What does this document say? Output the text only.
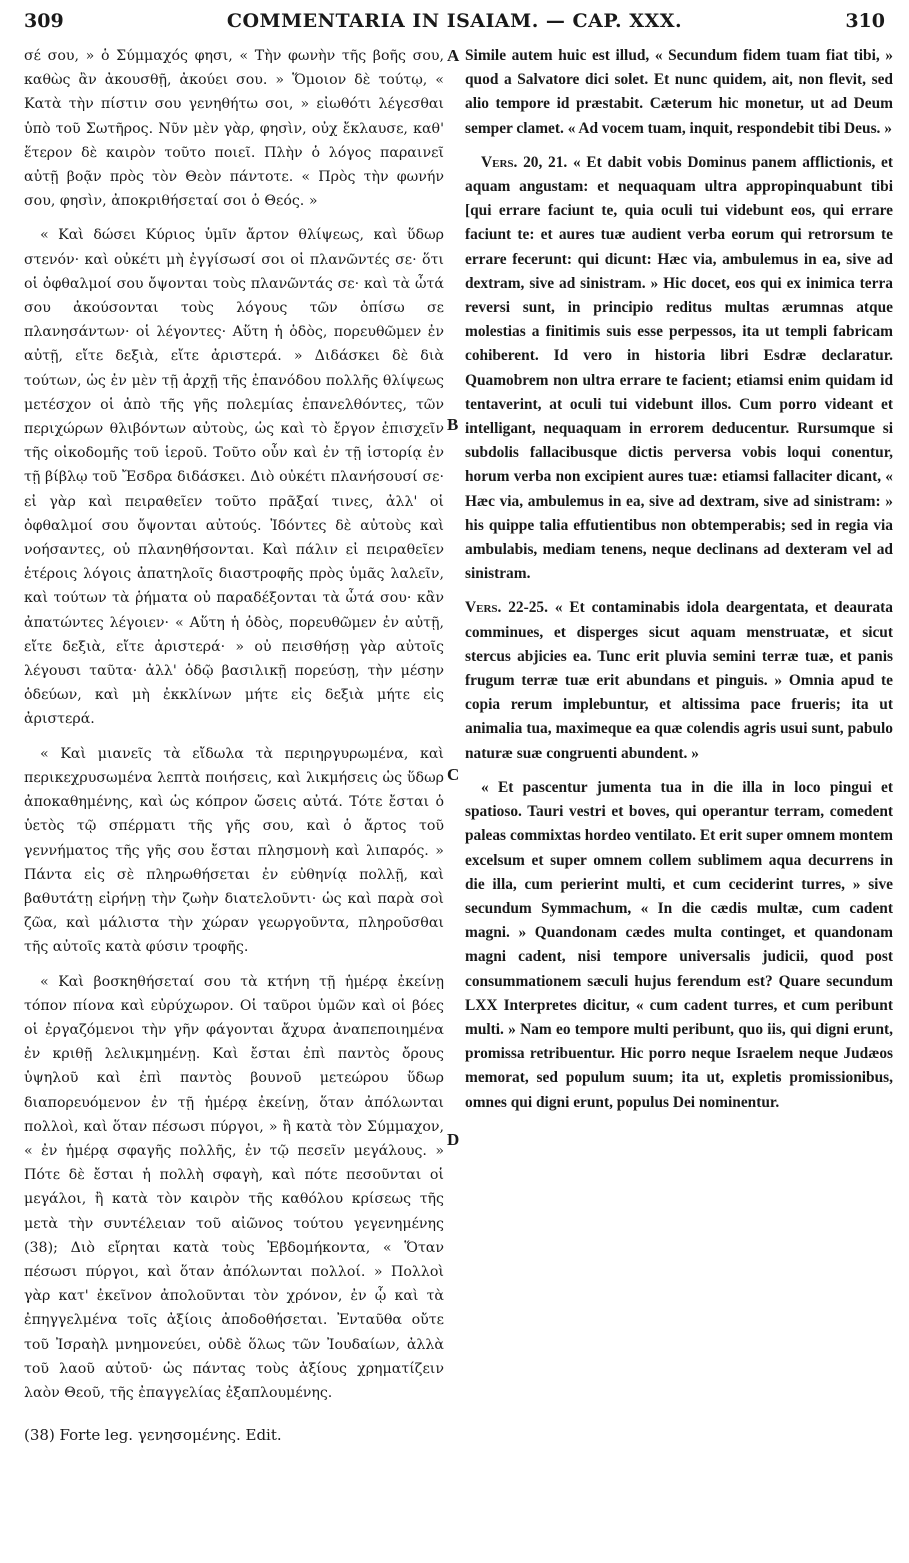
309	COMMENTARIA IN ISAIAM. — CAP. XXX.	310

σέ σου, » ὁ Σύμμαχός φησι, « Τὴν φωνὴν τῆς βοῆς σου, καθὼς ἂν ἀκουσθῇ, ἀκούει σου. » Ὅμοιον δὲ τούτῳ, « Κατὰ τὴν πίστιν σου γενηθήτω σοι, » εἰωθότι λέγεσθαι ὑπὸ τοῦ Σωτῆρος. Νῦν μὲν γὰρ, φησὶν, οὐχ ἔκλαυσε, καθ' ἕτερον δὲ καιρὸν τοῦτο ποιεῖ. Πλὴν ὁ λόγος παραινεῖ αὐτῇ βοᾷν πρὸς τὸν Θεὸν πάντοτε. « Πρὸς τὴν φωνήν σου, φησὶν, ἀποκριθήσεταί σοι ὁ Θεός. »

« Καὶ δώσει Κύριος ὑμῖν ἄρτον θλίψεως, καὶ ὕδωρ στενόν· καὶ οὐκέτι μὴ ἐγγίσωσί σοι οἱ πλανῶντές σε· ὅτι οἱ ὀφθαλμοί σου ὄψονται τοὺς πλανῶντάς σε· καὶ τὰ ὦτά σου ἀκούσονται τοὺς λόγους τῶν ὀπίσω σε πλανησάντων· οἱ λέγοντες· Αὕτη ἡ ὁδὸς, πορευθῶμεν ἐν αὐτῇ, εἴτε δεξιὰ, εἴτε ἀριστερά. » Διδάσκει δὲ διὰ τούτων, ὡς ἐν μὲν τῇ ἀρχῇ τῆς ἐπανόδου πολλῆς θλίψεως μετέσχον οἱ ἀπὸ τῆς γῆς πολεμίας ἐπανελθόντες, τῶν περιχώρων θλιβόντων αὐτοὺς, ὡς καὶ τὸ ἔργον ἐπισχεῖν τῆς οἰκοδομῆς τοῦ ἱεροῦ. Τοῦτο οὖν καὶ ἐν τῇ ἱστορίᾳ ἐν τῇ βίβλῳ τοῦ Ἔσδρα διδάσκει. Διὸ οὐκέτι πλανήσουσί σε· εἰ γὰρ καὶ πειραθεῖεν τοῦτο πρᾶξαί τινες, ἀλλ' οἱ ὀφθαλμοί σου ὄψονται αὐτούς. Ἰδόντες δὲ αὐτοὺς καὶ νοήσαντες, οὐ πλανηθήσονται. Καὶ πάλιν εἰ πειραθεῖεν ἑτέροις λόγοις ἀπατηλοῖς διαστροφῆς πρὸς ὑμᾶς λαλεῖν, καὶ τούτων τὰ ῥήματα οὐ παραδέξονται τὰ ὦτά σου· κἂν ἀπατώντες λέγοιεν· « Αὕτη ἡ ὁδὸς, πορευθῶμεν ἐν αὐτῇ, εἴτε δεξιὰ, εἴτε ἀριστερά· » οὐ πεισθήσῃ γὰρ αὐτοῖς λέγουσι ταῦτα· ἀλλ' ὁδῷ βασιλικῇ πορεύσῃ, τὴν μέσην ὁδεύων, καὶ μὴ ἐκκλίνων μήτε εἰς δεξιὰ μήτε εἰς ἀριστερά.

« Καὶ μιανεῖς τὰ εἴδωλα τὰ περιηργυρωμένα, καὶ περικεχρυσωμένα λεπτὰ ποιήσεις, καὶ λικμήσεις ὡς ὕδωρ ἀποκαθημένης, καὶ ὡς κόπρον ὤσεις αὐτά. Τότε ἔσται ὁ ὑετὸς τῷ σπέρματι τῆς γῆς σου, καὶ ὁ ἄρτος τοῦ γεννήματος τῆς γῆς σου ἔσται πλησμονὴ καὶ λιπαρός. » Πάντα εἰς σὲ πληρωθήσεται ἐν εὐθηνίᾳ πολλῇ, καὶ βαθυτάτῃ εἰρήνῃ τὴν ζωὴν διατελοῦντι· ὡς καὶ παρὰ σοὶ ζῶα, καὶ μάλιστα τὴν χώραν γεωργοῦντα, πληροῦσθαι τῆς αὐτοῖς κατὰ φύσιν τροφῆς.

« Καὶ βοσκηθήσεταί σου τὰ κτήνη τῇ ἡμέρᾳ ἐκείνῃ τόπον πίονα καὶ εὐρύχωρον. Οἱ ταῦροι ὑμῶν καὶ οἱ βόες οἱ ἐργαζόμενοι τὴν γῆν φάγονται ἄχυρα ἀναπεποιημένα ἐν κριθῇ λελικμημένῃ. Καὶ ἔσται ἐπὶ παντὸς ὄρους ὑψηλοῦ καὶ ἐπὶ παντὸς βουνοῦ μετεώρου ὕδωρ διαπορευόμενον ἐν τῇ ἡμέρᾳ ἐκείνῃ, ὅταν ἀπόλωνται πολλοὶ, καὶ ὅταν πέσωσι πύργοι, » ἢ κατὰ τὸν Σύμμαχον, « ἐν ἡμέρᾳ σφαγῆς πολλῆς, ἐν τῷ πεσεῖν μεγάλους. » Πότε δὲ ἔσται ἡ πολλὴ σφαγὴ, καὶ πότε πεσοῦνται οἱ μεγάλοι, ἢ κατὰ τὸν καιρὸν τῆς καθόλου κρίσεως τῆς μετὰ τὴν συντέλειαν τοῦ αἰῶνος τούτου γεγενημένης (38); Διὸ εἴρηται κατὰ τοὺς Ἑβδομήκοντα, « Ὅταν πέσωσι πύργοι, καὶ ὅταν ἀπόλωνται πολλοί. » Πολλοὶ γὰρ κατ' ἐκεῖνον ἀπολοῦνται τὸν χρόνον, ἐν ᾧ καὶ τὰ ἐπηγγελμένα τοῖς ἀξίοις ἀποδοθήσεται. Ἐνταῦθα οὔτε τοῦ Ἰσραὴλ μνημονεύει, οὐδὲ ὅλως τῶν Ἰουδαίων, ἀλλὰ τοῦ λαοῦ αὐτοῦ· ὡς πάντας τοὺς ἀξίους χρηματίζειν λαὸν Θεοῦ, τῆς ἐπαγγελίας ἐξαπλουμένης.

(38) Forte leg. γενησομένης. Edit.
A
B
C
D

Simile autem huic est illud, « Secundum fidem tuam fiat tibi, » quod a Salvatore dici solet. Et nunc quidem, ait, non flevit, sed alio tempore id præstabit. Cæterum hic monetur, ut ad Deum semper clamet. « Ad vocem tuam, inquit, respondebit tibi Deus. »

Vers. 20, 21. « Et dabit vobis Dominus panem afflictionis, et aquam angustam: et nequaquam ultra appropinquabunt tibi [qui errare faciunt te, quia oculi tui videbunt eos, qui errare faciunt te: et aures tuæ audient verba eorum qui retrorsum te errare fecerunt: qui dicunt: Hæc via, ambulemus in ea, sive ad dextram, sive ad sinistram. » Hic docet, eos qui ex inimica terra reversi sunt, in principio reditus multas ærumnas atque molestias a finitimis suis esse perpessos, ita ut templi fabricam cohiberent. Id vero in historia libri Esdræ declaratur. Quamobrem non ultra errare te facient; etiamsi enim quidam id tentaverint, at oculi tui videbunt illos. Cum porro videant et intelligant, nequaquam in errorem deducentur. Rursumque si subdolis fallacibusque dictis perversa vobis loqui conentur, horum verba non excipient aures tuæ: etiamsi fallaciter dicant, « Hæc via, ambulemus in ea, sive ad dextram, sive ad sinistram: » his quippe talia effutientibus non obtemperabis; sed in regia via ambulabis, mediam tenens, neque declinans ad dexteram vel ad sinistram.

Vers. 22-25. « Et contaminabis idola deargentata, et deaurata comminues, et disperges sicut aquam menstruatæ, et sicut stercus abjicies ea. Tunc erit pluvia semini terræ tuæ, et panis frugum terræ tuæ erit abundans et pinguis. » Omnia apud te copia rerum implebuntur, et altissima pace frueris; ita ut animalia tua, maximeque ea quæ colendis agris usui sunt, pabulo naturæ suæ congruenti abundent. »

« Et pascentur jumenta tua in die illa in loco pingui et spatioso. Tauri vestri et boves, qui operantur terram, comedent paleas commixtas hordeo ventilato. Et erit super omnem montem excelsum et super omnem collem sublimem aqua decurrens in die illa, cum perierint multi, et cum ceciderint turres, » sive secundum Symmachum, « In die cædis multæ, cum cadent magni. » Quandonam cædes multa continget, et quandonam magni cadent, nisi tempore universalis judicii, quod post consummationem sæculi hujus ferendum est? Quare secundum LXX Interpretes dicitur, « cum cadent turres, et cum peribunt multi. » Nam eo tempore multi peribunt, quo iis, qui digni erunt, promissa retribuentur. Hic porro neque Israelem neque Judæos memorat, sed populum suum; ita ut, expletis promissionibus, omnes qui digni erunt, populus Dei nominentur.
